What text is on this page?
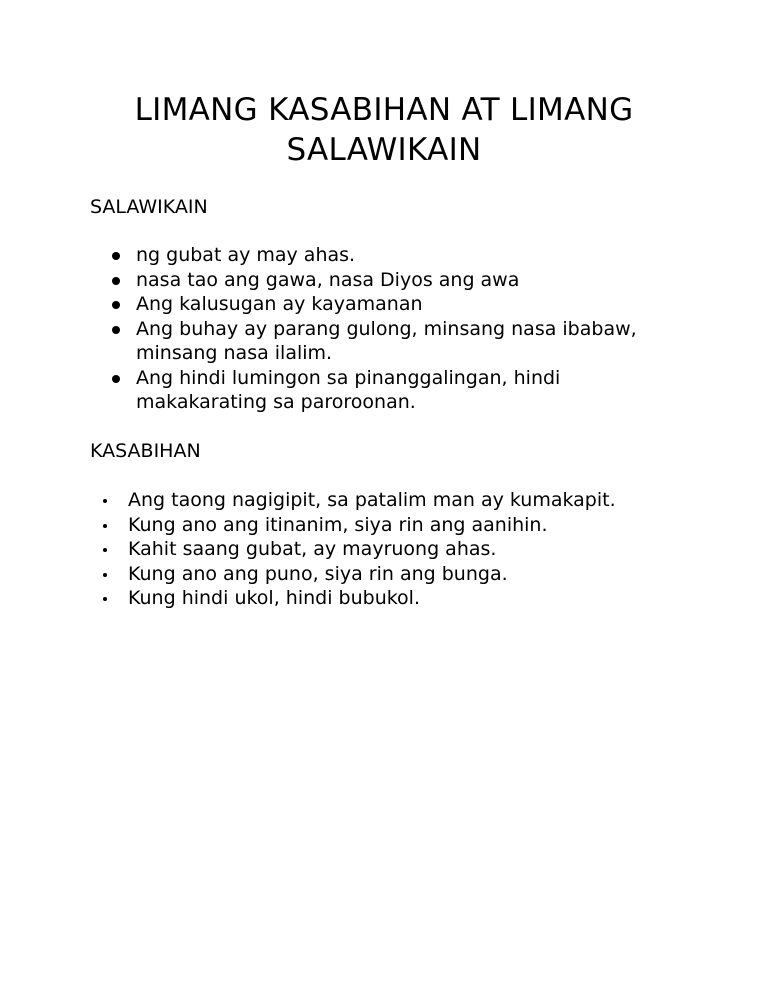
LIMANG KASABIHAN AT LIMANG SALAWIKAIN
SALAWIKAIN
ng gubat ay may ahas.
nasa tao ang gawa, nasa Diyos ang awa
Ang kalusugan ay kayamanan
Ang buhay ay parang gulong, minsang nasa ibabaw, minsang nasa ilalim.
Ang hindi lumingon sa pinanggalingan, hindi makakarating sa paroroonan.
KASABIHAN
Ang taong nagigipit, sa patalim man ay kumakapit.
Kung ano ang itinanim, siya rin ang aanihin.
Kahit saang gubat, ay mayruong ahas.
Kung ano ang puno, siya rin ang bunga.
Kung hindi ukol, hindi bubukol.
